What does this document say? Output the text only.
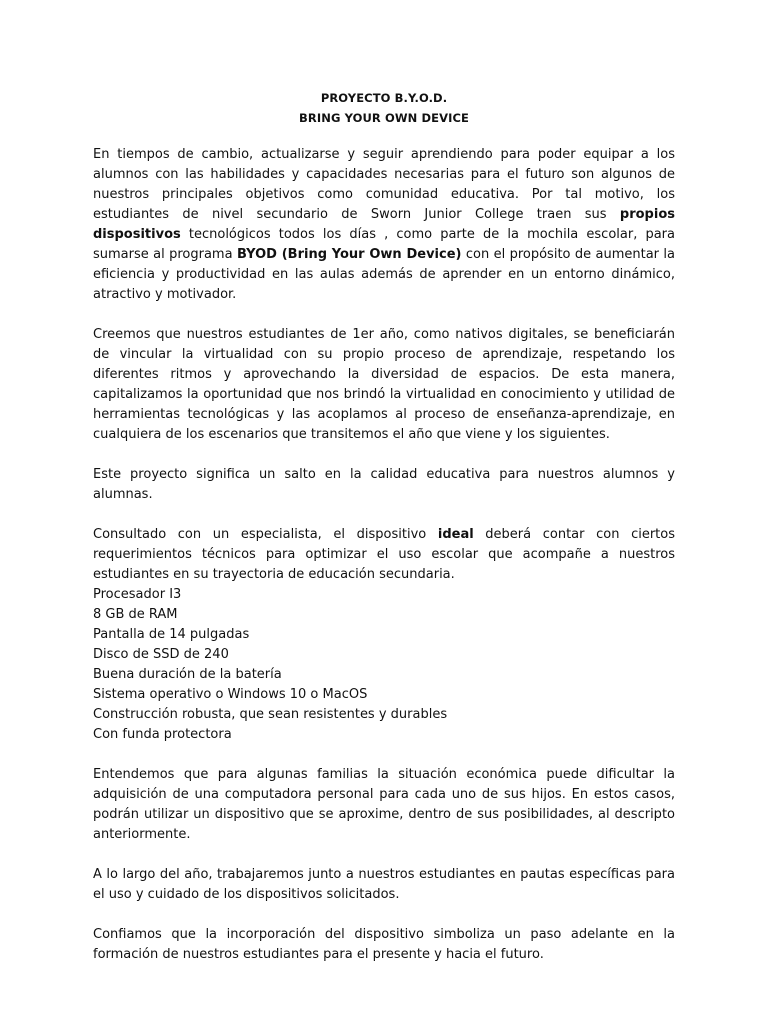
PROYECTO B.Y.O.D.
BRING YOUR OWN DEVICE

En tiempos de cambio, actualizarse y seguir aprendiendo para poder equipar a los alumnos con las habilidades y capacidades necesarias para el futuro son algunos de nuestros principales objetivos como comunidad educativa. Por tal motivo, los estudiantes de nivel secundario de Sworn Junior College traen sus propios dispositivos tecnológicos todos los días , como parte de la mochila escolar, para sumarse al programa BYOD (Bring Your Own Device) con el propósito de aumentar la eficiencia y productividad en las aulas además de aprender en un entorno dinámico, atractivo y motivador.

Creemos que nuestros estudiantes de 1er año, como nativos digitales, se beneficiarán de vincular la virtualidad con su propio proceso de aprendizaje, respetando los diferentes ritmos y aprovechando la diversidad de espacios. De esta manera, capitalizamos la oportunidad que nos brindó la virtualidad en conocimiento y utilidad de herramientas tecnológicas y las acoplamos al proceso de enseñanza-aprendizaje, en cualquiera de los escenarios que transitemos el año que viene y los siguientes.

Este proyecto significa un salto en la calidad educativa para nuestros alumnos y alumnas.

Consultado con un especialista, el dispositivo ideal deberá contar con ciertos requerimientos técnicos para optimizar el uso escolar que acompañe a nuestros estudiantes en su trayectoria de educación secundaria.

Procesador I3
8 GB de RAM
Pantalla de 14 pulgadas
Disco de SSD de 240
Buena duración de la batería
Sistema operativo o Windows 10 o MacOS
Construcción robusta, que sean resistentes y durables
Con funda protectora

Entendemos que para algunas familias la situación económica puede dificultar la adquisición de una computadora personal para cada uno de sus hijos. En estos casos, podrán utilizar un dispositivo que se aproxime, dentro de sus posibilidades, al descripto anteriormente.

A lo largo del año, trabajaremos junto a nuestros estudiantes en pautas específicas para el uso y cuidado de los dispositivos solicitados.

Confiamos que la incorporación del dispositivo simboliza un paso adelante en la formación de nuestros estudiantes para el presente y hacia el futuro.
